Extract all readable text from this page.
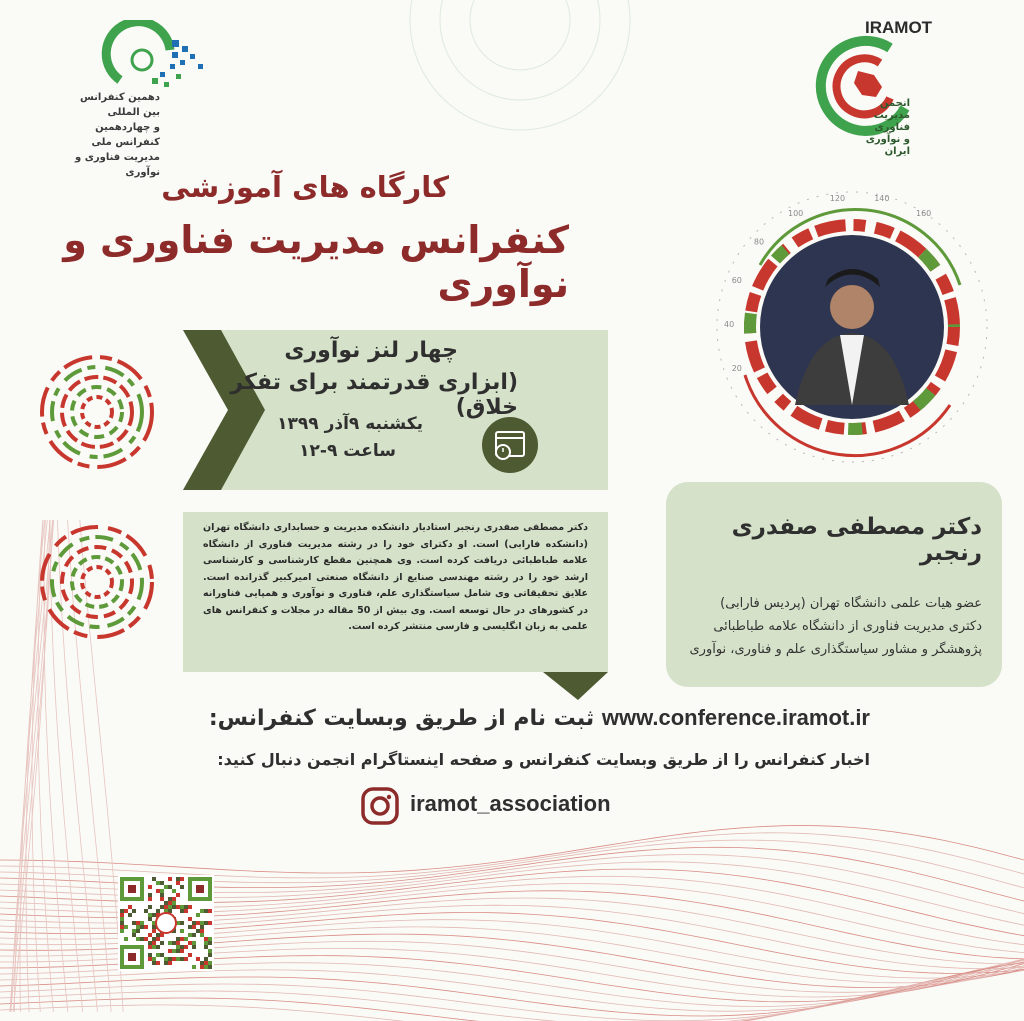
دهمین کنفرانس بین المللی
و چهاردهمین کنفرانس ملی
مدیریت فناوری و نوآوری
IRAMOT
انجمن
مدیریت فناوری
و نوآوری ایران
کارگاه های آموزشی
کنفرانس مدیریت فناوری و نوآوری
چهار لنز نوآوری
(ابزاری قدرتمند برای تفکر خلاق)
یکشنبه ۹آذر ۱۳۹۹
ساعت ۹-۱۲
دکتر مصطفی صفدری رنجبر استادیار دانشکده مدیریت و حسابداری دانشگاه تهران (دانشکده فارابی) است. او دکترای خود را در رشته مدیریت فناوری از دانشگاه علامه طباطبائی دریافت کرده است. وی همچنین مقطع کارشناسی و کارشناسی ارشد خود را در رشته مهندسی صنایع از دانشگاه صنعتی امیرکبیر گذرانده است. علایق تحقیقاتی وی شامل سیاستگذاری علم، فناوری و نوآوری و همپایی فناورانه در کشورهای در حال توسعه است. وی بیش از 50 مقاله در مجلات و کنفرانس های علمی به زبان انگلیسی و فارسی منتشر کرده است.
20
40
60
80
100
120	140
160
دکتر مصطفی صفدری رنجبر
عضو هیات علمی دانشگاه تهران (پردیس فارابی)
دکتری مدیریت فناوری از دانشگاه علامه طباطبائی
پژوهشگر و مشاور سیاستگذاری علم و فناوری، نوآوری
ثبت نام از طریق وبسایت کنفرانس: www.conference.iramot.ir
اخبار کنفرانس را از طریق وبسایت کنفرانس و صفحه اینستاگرام انجمن دنبال کنید:
iramot_association
